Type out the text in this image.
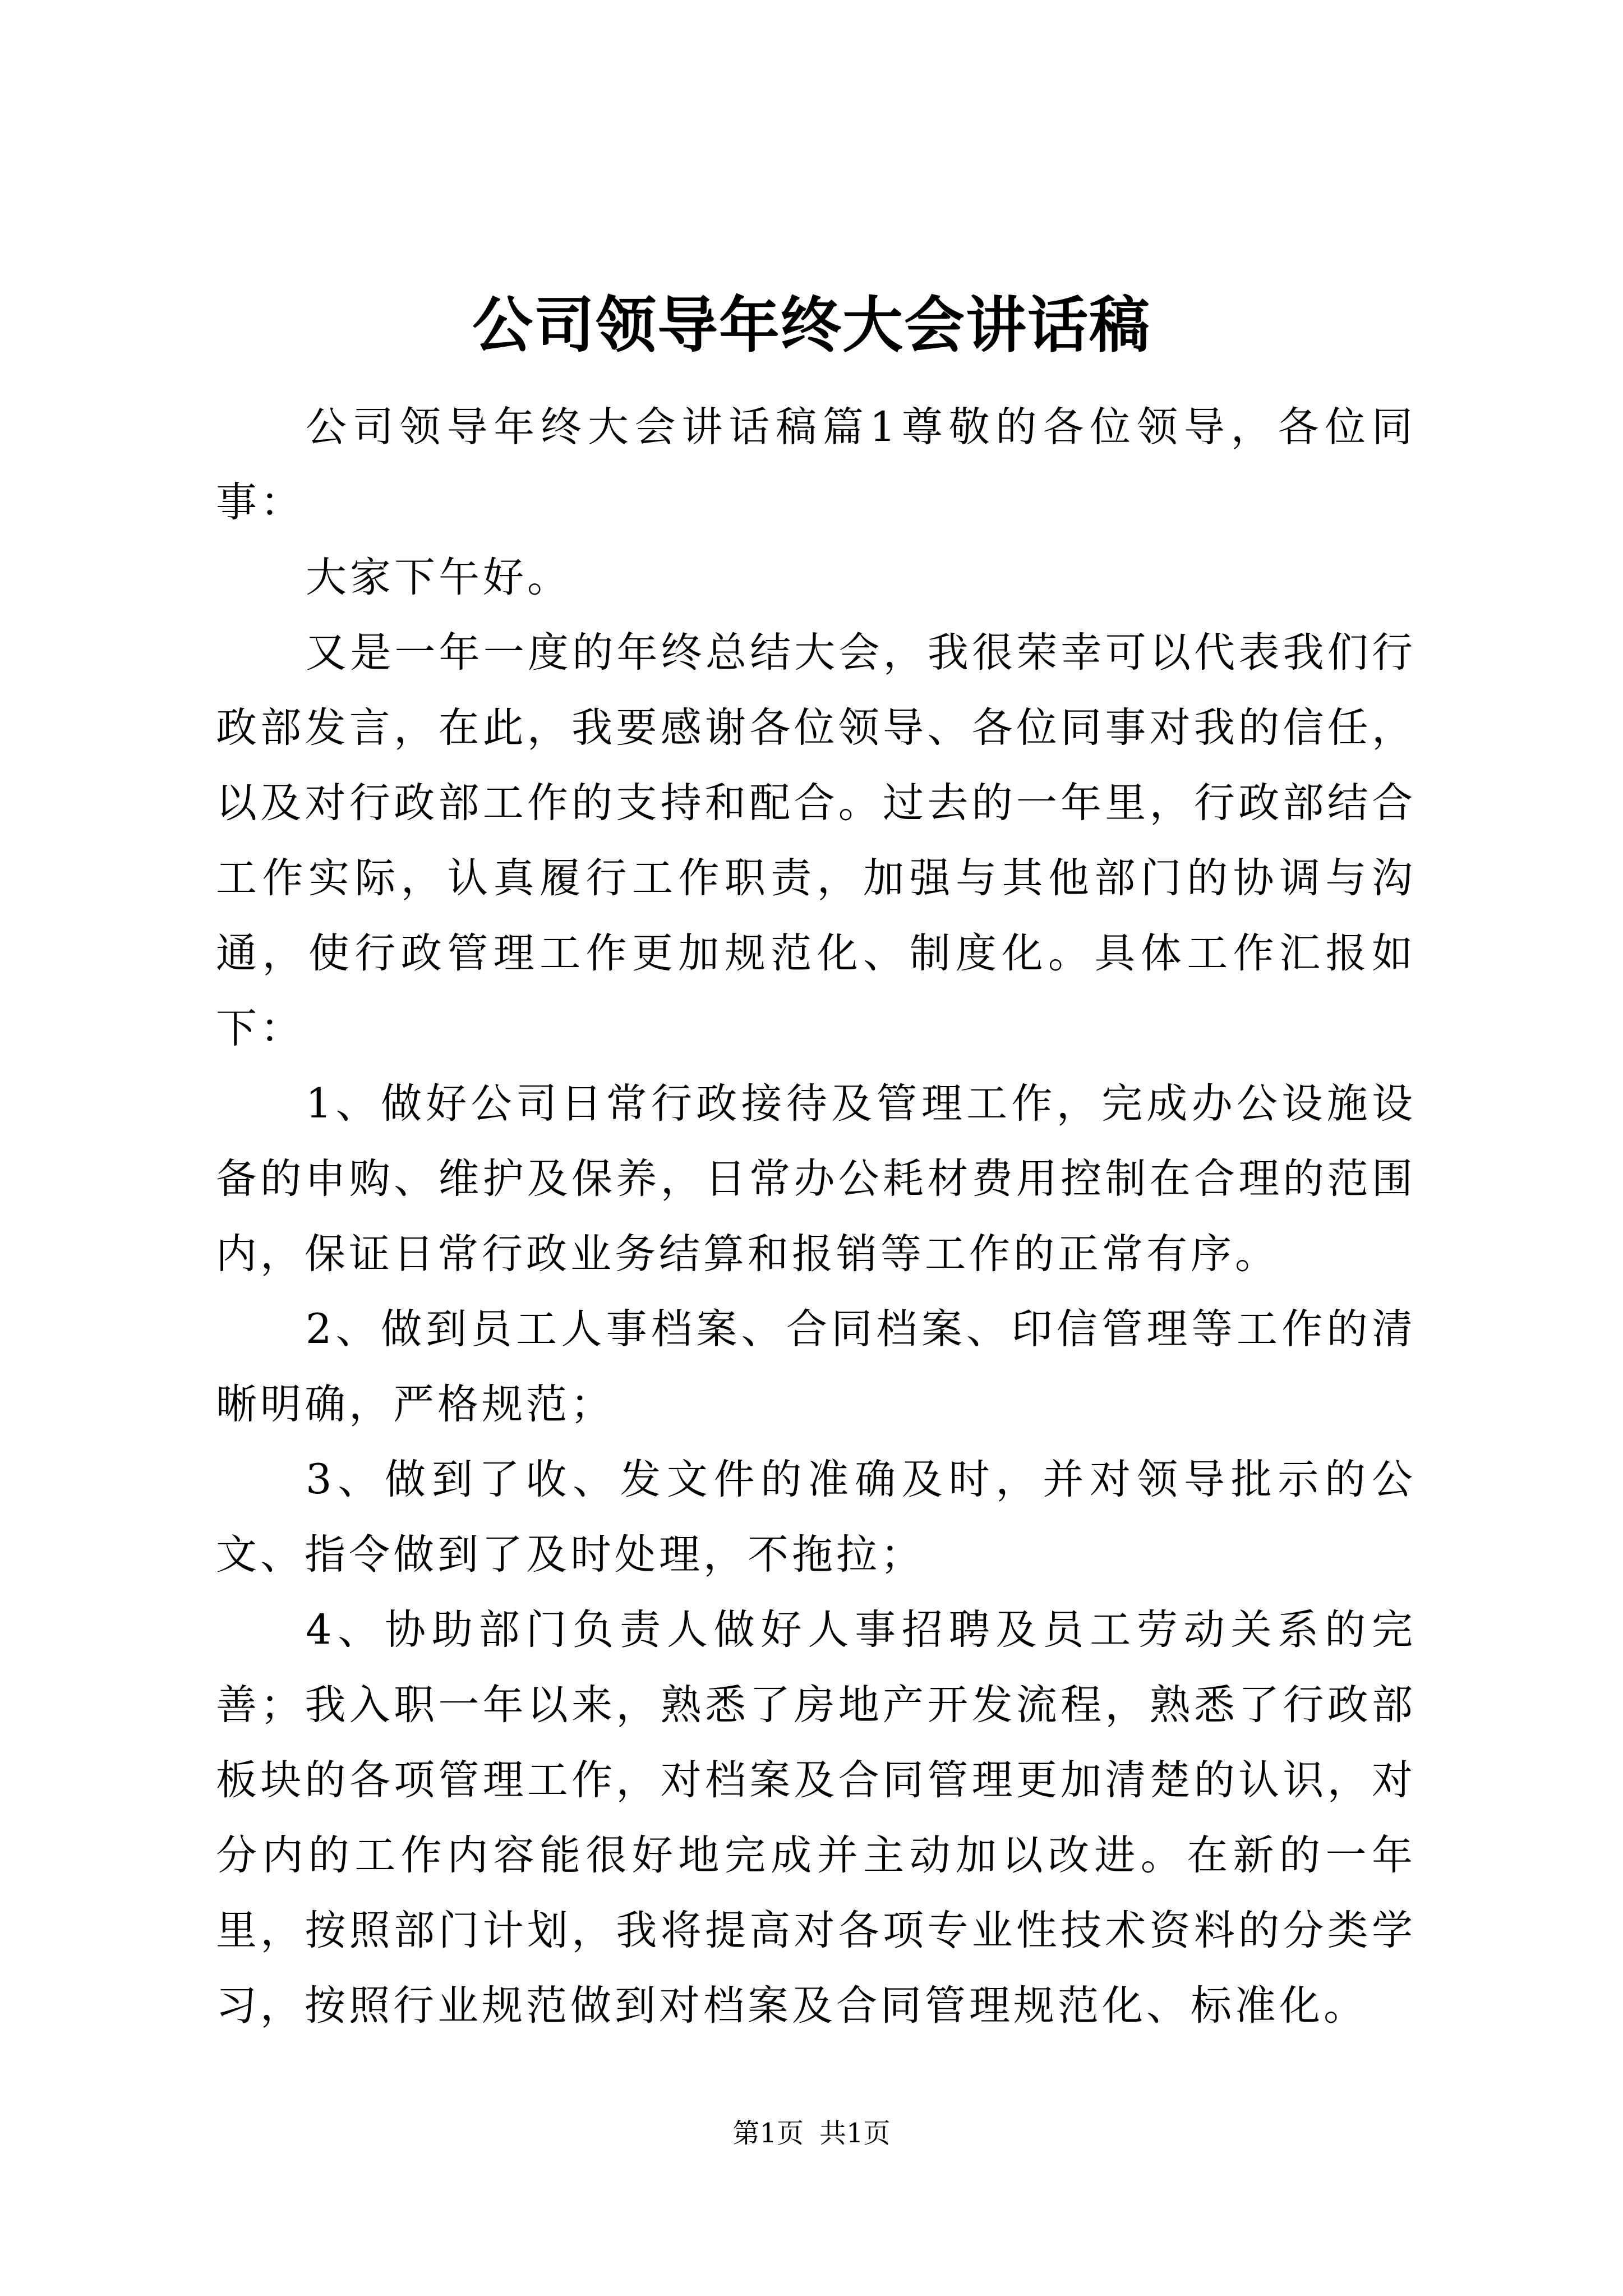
公司领导年终大会讲话稿

公司领导年终大会讲话稿篇1尊敬的各位领导，各位同事：

大家下午好。

又是一年一度的年终总结大会，我很荣幸可以代表我们行政部发言，在此，我要感谢各位领导、各位同事对我的信任，以及对行政部工作的支持和配合。过去的一年里，行政部结合工作实际，认真履行工作职责，加强与其他部门的协调与沟通，使行政管理工作更加规范化、制度化。具体工作汇报如下：

1、做好公司日常行政接待及管理工作，完成办公设施设备的申购、维护及保养，日常办公耗材费用控制在合理的范围内，保证日常行政业务结算和报销等工作的正常有序。

2、做到员工人事档案、合同档案、印信管理等工作的清晰明确，严格规范；

3、做到了收、发文件的准确及时，并对领导批示的公文、指令做到了及时处理，不拖拉；

4、协助部门负责人做好人事招聘及员工劳动关系的完善；我入职一年以来，熟悉了房地产开发流程，熟悉了行政部板块的各项管理工作，对档案及合同管理更加清楚的认识，对分内的工作内容能很好地完成并主动加以改进。在新的一年里，按照部门计划，我将提高对各项专业性技术资料的分类学习，按照行业规范做到对档案及合同管理规范化、标准化。

第1页 共1页
